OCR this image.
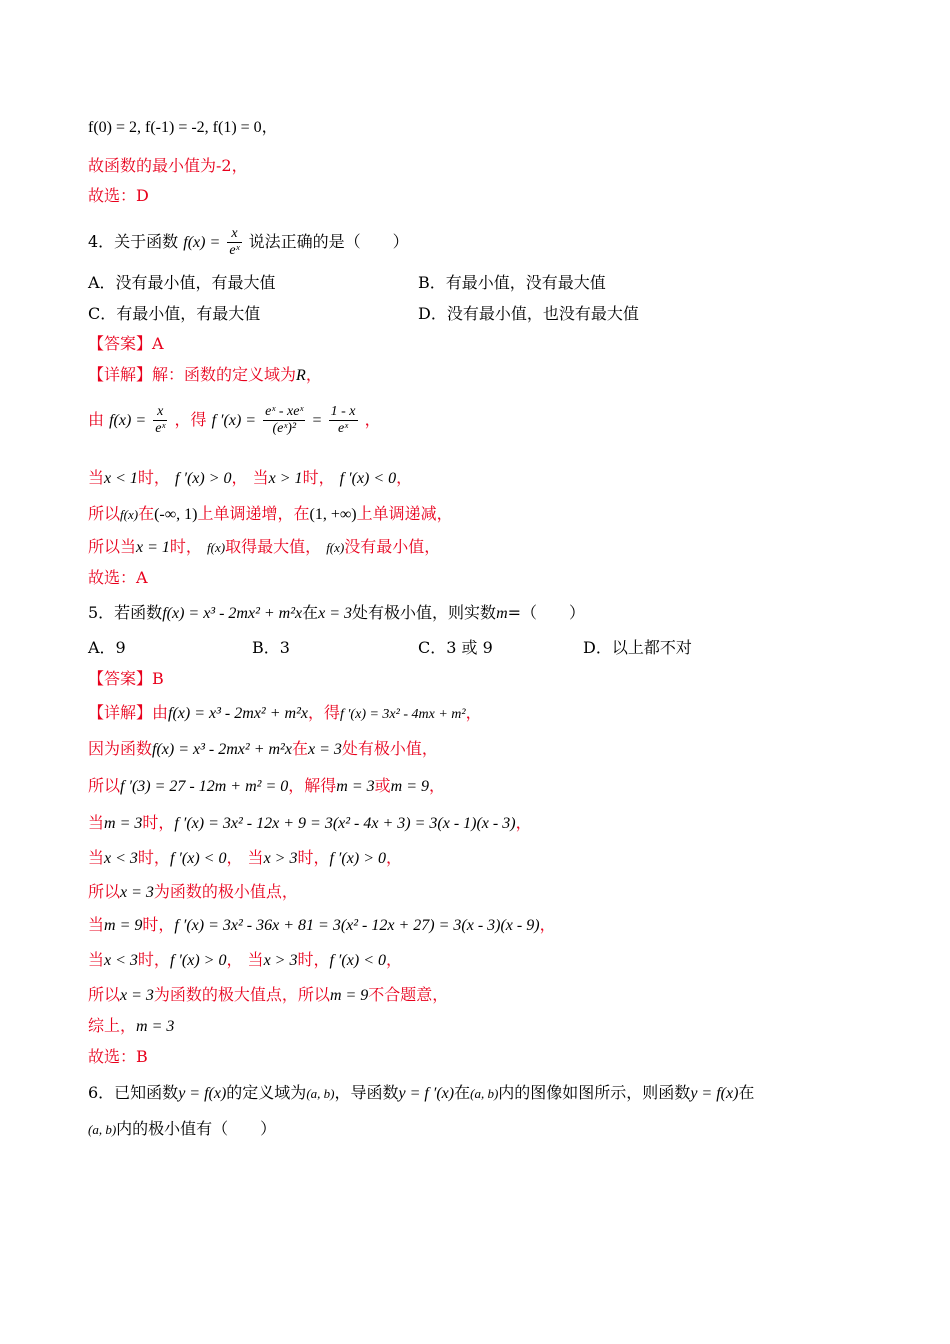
f(0) = 2, f(-1) = -2, f(1) = 0，
故函数的最小值为-2，
故选：D
4．关于函数 $f(x) = \frac{x}{\text{eˣ}}$ 说法正确的是（　　）
A．没有最小值，有最大值	B．有最小值，没有最大值
C．有最小值，有最大值	D．没有最小值，也没有最大值
【答案】A
【详解】解：函数的定义域为R，
由 $f(x) = \frac{x}{\text{eˣ}}$ ，得 f $'(x) = \frac{\text{eˣ - xeˣ}}{\text{(eˣ)²}} = \frac{1 - x}{\text{eˣ}}$ ，
当x < 1时， f ′(x) > 0， 当x > 1时， f ′(x) < 0，
所以f(x)在(-∞, 1)上单调递增，在(1, +∞)上单调递减，
所以当x = 1时， f(x)取得最大值， f(x)没有最小值，
故选：A
5．若函数f(x) = x³ - 2mx² + m²x在x = 3处有极小值，则实数m=（　　）
A．9	B．3	C．3 或 9	D．以上都不对
【答案】B
【详解】由f(x) = x³ - 2mx² + m²x，得f ′(x) = 3x² - 4mx + m²，
因为函数f(x) = x³ - 2mx² + m²x在x = 3处有极小值，
所以f ′(3) = 27 - 12m + m² = 0，解得m = 3或m = 9，
当m = 3时，f ′(x) = 3x² - 12x + 9 = 3(x² - 4x + 3) = 3(x - 1)(x - 3)，
当x < 3时，f ′(x) < 0， 当x > 3时，f ′(x) > 0，
所以x = 3为函数的极小值点，
当m = 9时，f ′(x) = 3x² - 36x + 81 = 3(x² - 12x + 27) = 3(x - 3)(x - 9)，
当x < 3时，f ′(x) > 0， 当x > 3时，f ′(x) < 0，
所以x = 3为函数的极大值点，所以m = 9不合题意，
综上，m = 3
故选：B
6．已知函数y = f(x)的定义域为(a, b)，导函数y = f ′(x)在(a, b)内的图像如图所示，则函数y = f(x)在
(a, b)内的极小值有（　　）
